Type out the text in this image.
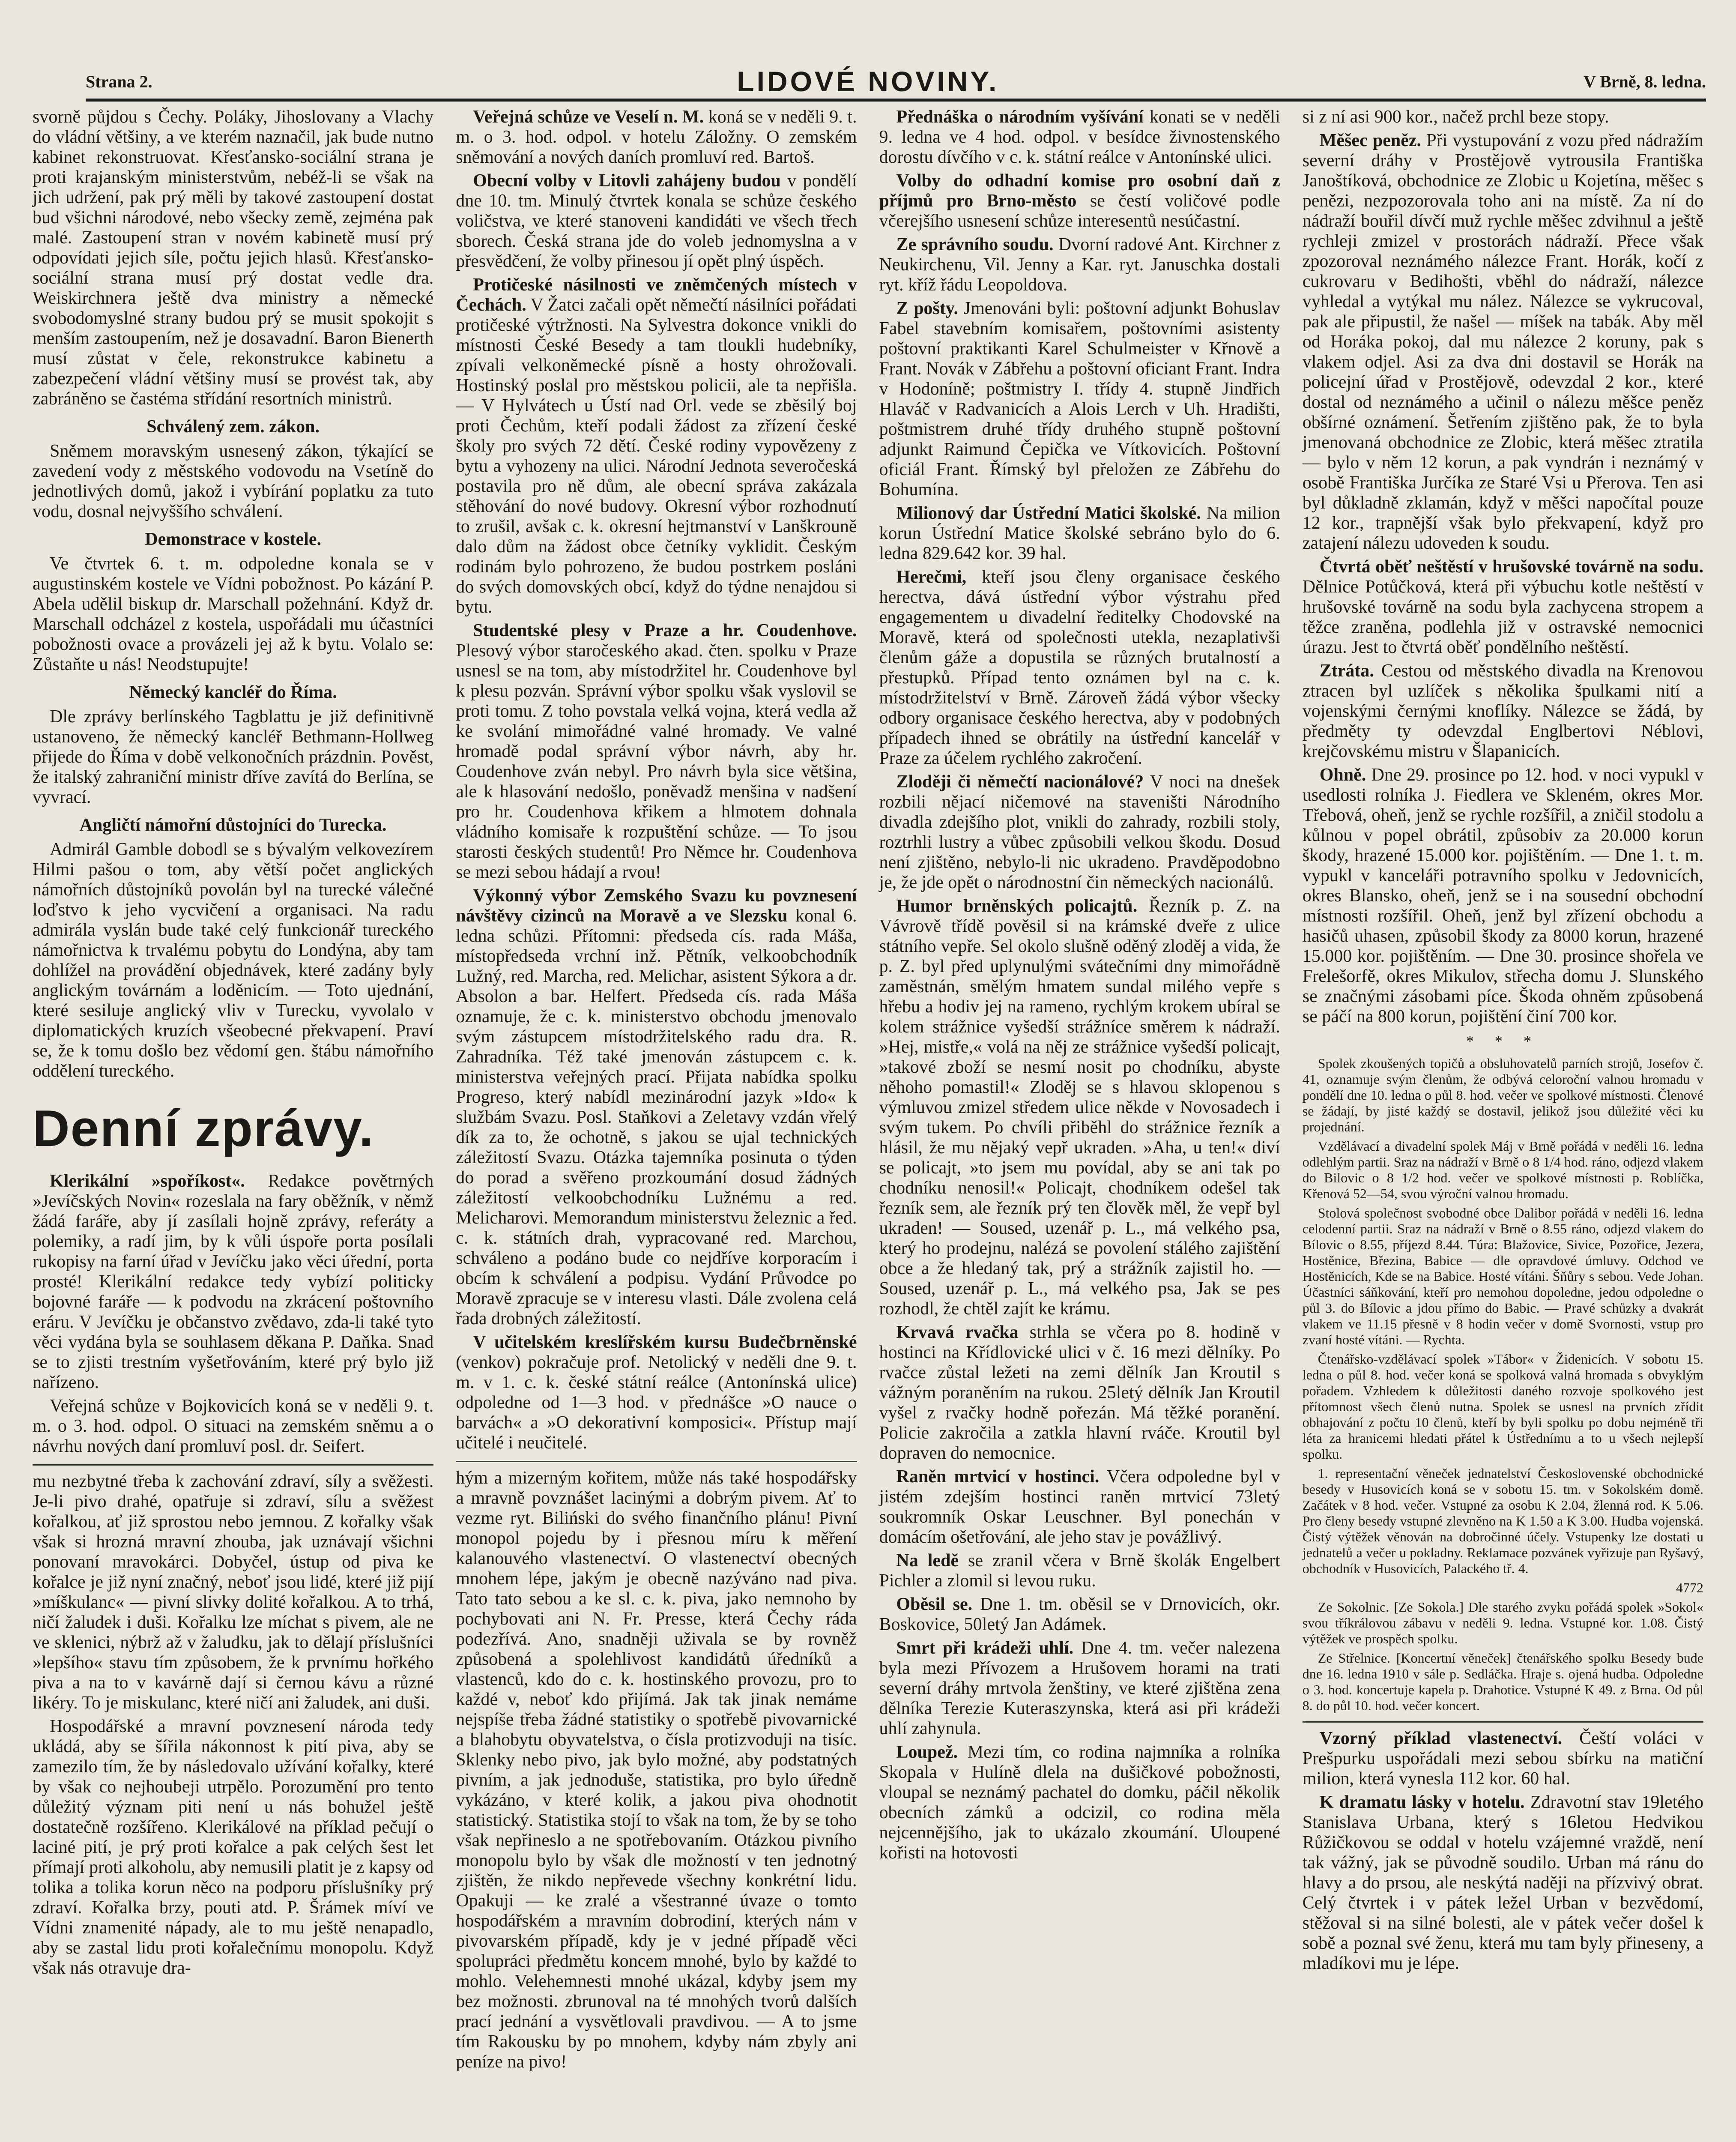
Strana 2.	LIDOVÉ NOVINY.	V Brně, 8. ledna.

svorně půjdou s Čechy. Poláky, Jihoslovany a Vlachy do vládní většiny, a ve kterém naznačil, jak bude nutno kabinet rekonstruovat. Křesťansko-sociální strana je proti krajanským ministerstvům, nebéž-li se však na jich udržení, pak prý měli by takové zastoupení dostat bud všichni národové, nebo všecky země, zejména pak malé. Zastoupení stran v novém kabinetě musí prý odpovídati jejich síle, počtu jejich hlasů. Křesťansko-sociální strana musí prý dostat vedle dra. Weiskirchnera ještě dva ministry a německé svobodomyslné strany budou prý se musit spokojit s menším zastoupením, než je dosavadní. Baron Bienerth musí zůstat v čele, rekonstrukce kabinetu a zabezpečení vládní většiny musí se provést tak, aby zabráněno se častéma střídání resortních ministrů.

Schválený zem. zákon.

Sněmem moravským usnesený zákon, týkající se zavedení vody z městského vodovodu na Vsetíně do jednotlivých domů, jakož i vybírání poplatku za tuto vodu, dosnal nejvyššího schválení.

Demonstrace v kostele.

Ve čtvrtek 6. t. m. odpoledne konala se v augustinském kostele ve Vídni pobožnost. Po kázání P. Abela udělil biskup dr. Marschall požehnání. Když dr. Marschall odcházel z kostela, uspořádali mu účastníci pobožnosti ovace a provázeli jej až k bytu. Volalo se: Zůstaňte u nás! Neodstupujte!

Německý kancléř do Říma.

Dle zprávy berlínského Tagblattu je již definitivně ustanoveno, že německý kancléř Bethmann-Hollweg přijede do Říma v době velkonočních prázdnin. Pověst, že italský zahraniční ministr dříve zavítá do Berlína, se vyvrací.

Angličtí námořní důstojníci do Turecka.

Admirál Gamble dobodl se s bývalým velkovezírem Hilmi pašou o tom, aby větší počet anglických námořních důstojníků povolán byl na turecké válečné loďstvo k jeho vycvičení a organisaci. Na radu admirála vyslán bude také celý funkcionář tureckého námořnictva k trvalému pobytu do Londýna, aby tam dohlížel na provádění objednávek, které zadány byly anglickým továrnám a loděnicím. — Toto ujednání, které sesiluje anglický vliv v Turecku, vyvolalo v diplomatických kruzích všeobecné překvapení. Praví se, že k tomu došlo bez vědomí gen. štábu námořního oddělení tureckého.

Denní zprávy.

Klerikální »spoříkost«. Redakce povětrných »Jevíčských Novin« rozeslala na fary oběžník, v němž žádá faráře, aby jí zasílali hojně zprávy, referáty a polemiky, a radí jim, by k vůli úspoře porta posílali rukopisy na farní úřad v Jevíčku jako věci úřední, porta prosté! Klerikální redakce tedy vybízí politicky bojovné faráře — k podvodu na zkrácení poštovního eráru. V Jevíčku je občanstvo zvědavo, zda-li také tyto věci vydána byla se souhlasem děkana P. Daňka. Snad se to zjisti trestním vyšetřováním, které prý bylo již nařízeno.

Veřejná schůze v Bojkovicích koná se v neděli 9. t. m. o 3. hod. odpol. O situaci na zemském sněmu a o návrhu nových daní promluví posl. dr. Seifert.

mu nezbytné třeba k zachování zdraví, síly a svěžesti. Je-li pivo drahé, opatřuje si zdraví, sílu a svěžest kořalkou, ať již sprostou nebo jemnou. Z kořalky však však si hrozná mravní zhouba, jak uznávají všichni ponovaní mravokárci. Dobyčel, ústup od piva ke kořalce je již nyní značný, neboť jsou lidé, které již pijí »míškulanc« — pivní slivky dolité kořalkou. A to trhá, ničí žaludek i duši. Kořalku lze míchat s pivem, ale ne ve sklenici, nýbrž až v žaludku, jak to dělají příslušníci »lepšího« stavu tím způsobem, že k prvnímu hořkého piva a na to v kavárně dají si černou kávu a různé likéry. To je miskulanc, které ničí ani žaludek, ani duši.

Hospodářské a mravní povznesení národa tedy ukládá, aby se šířila nákonnost k pití piva, aby se zamezilo tím, že by následovalo užívání kořalky, které by však co nejhoubeji utrpělo. Porozumění pro tento důležitý význam piti není u nás bohužel ještě dostatečně rozšířeno. Klerikálové na příklad pečují o laciné pití, je prý proti kořalce a pak celých šest let přímají proti alkoholu, aby nemusili platit je z kapsy od tolika a tolika korun něco na podporu příslušníky prý zdraví. Kořalka brzy, pouti atd. P. Šrámek míví ve Vídni znamenité nápady, ale to mu ještě nenapadlo, aby se zastal lidu proti kořalečnímu monopolu. Když však nás otravuje dra-

Veřejná schůze ve Veselí n. M. koná se v neděli 9. t. m. o 3. hod. odpol. v hotelu Záložny. O zemském sněmování a nových daních promluví red. Bartoš.

Obecní volby v Litovli zahájeny budou v pondělí dne 10. tm. Minulý čtvrtek konala se schůze českého voličstva, ve které stanoveni kandidáti ve všech třech sborech. Česká strana jde do voleb jednomyslna a v přesvědčení, že volby přinesou jí opět plný úspěch.

Protičeské násilnosti ve zněmčených místech v Čechách. V Žatci začali opět němečtí násilníci pořádati protičeské výtržnosti. Na Sylvestra dokonce vnikli do místnosti České Besedy a tam tloukli hudebníky, zpívali velkoněmecké písně a hosty ohrožovali. Hostinský poslal pro městskou policii, ale ta nepřišla. — V Hylvátech u Ústí nad Orl. vede se zběsilý boj proti Čechům, kteří podali žádost za zřízení české školy pro svých 72 dětí. České rodiny vypovězeny z bytu a vyhozeny na ulici. Národní Jednota severočeská postavila pro ně dům, ale obecní správa zakázala stěhování do nové budovy. Okresní výbor rozhodnutí to zrušil, avšak c. k. okresní hejtmanství v Lanškrouně dalo dům na žádost obce četníky vyklidit. Českým rodinám bylo pohrozeno, že budou postrkem posláni do svých domovských obcí, když do týdne nenajdou si bytu.

Studentské plesy v Praze a hr. Coudenhove. Plesový výbor staročeského akad. čten. spolku v Praze usnesl se na tom, aby místodržitel hr. Coudenhove byl k plesu pozván. Správní výbor spolku však vyslovil se proti tomu. Z toho povstala velká vojna, která vedla až ke svolání mimořádné valné hromady. Ve valné hromadě podal správní výbor návrh, aby hr. Coudenhove zván nebyl. Pro návrh byla sice většina, ale k hlasování nedošlo, poněvadž menšina v nadšení pro hr. Coudenhova křikem a hlmotem dohnala vládního komisaře k rozpuštění schůze. — To jsou starosti českých studentů! Pro Němce hr. Coudenhova se mezi sebou hádají a rvou!

Výkonný výbor Zemského Svazu ku povznesení návštěvy cizinců na Moravě a ve Slezsku konal 6. ledna schůzi. Přítomni: předseda cís. rada Máša, místopředseda vrchní inž. Pětník, velkoobchodník Lužný, red. Marcha, red. Melichar, asistent Sýkora a dr. Absolon a bar. Helfert. Předseda cís. rada Máša oznamuje, že c. k. ministerstvo obchodu jmenovalo svým zástupcem místodržitelského radu dra. R. Zahradníka. Též také jmenován zástupcem c. k. ministerstva veřejných prací. Přijata nabídka spolku Progreso, který nabídl mezinárodní jazyk »Ido« k službám Svazu. Posl. Staňkovi a Zeletavy vzdán vřelý dík za to, že ochotně, s jakou se ujal technických záležitostí Svazu. Otázka tajemníka posinuta o týden do porad a svěřeno prozkoumání dosud žádných záležitostí velkoobchodníku Lužnému a red. Melicharovi. Memorandum ministerstvu železnic a řed. c. k. státních drah, vypracované red. Marchou, schváleno a podáno bude co nejdříve korporacím i obcím k schválení a podpisu. Vydání Průvodce po Moravě zpracuje se v interesu vlasti. Dále zvolena celá řada drobných záležitostí.

V učitelském kreslířském kursu Budečbrněnské (venkov) pokračuje prof. Netolický v neděli dne 9. t. m. v 1. c. k. české státní reálce (Antonínská ulice) odpoledne od 1—3 hod. v přednášce »O nauce o barvách« a »O dekorativní komposici«. Přístup mají učitelé i neučitelé.

hým a mizerným kořitem, může nás také hospodářsky a mravně povznášet lacinými a dobrým pivem. Ať to vezme ryt. Biliński do svého finančního plánu! Pivní monopol pojedu by i přesnou míru k měření kalanouvého vlastenectví. O vlastenectví obecných mnohem lépe, jakým je obecně nazýváno nad piva. Tato tato sebou a ke sl. c. k. piva, jako nemnoho by pochybovati ani N. Fr. Presse, která Čechy ráda podezřívá. Ano, snadněji uživala se by rovněž způsobená a spolehlivost kandidátů úředníků a vlastenců, kdo do c. k. hostinského provozu, pro to každé v, neboť kdo přijímá. Jak tak jinak nemáme nejspíše třeba žádné statistiky o spotřebě pivovarnické a blahobytu obyvatelstva, o čísla protizvoduji na tisíc. Sklenky nebo pivo, jak bylo možné, aby podstatných pivním, a jak jednoduše, statistika, pro bylo úředně vykázáno, v které kolik, a jakou piva ohodnotit statistický. Statistika stojí to však na tom, že by se toho však nepřineslo a ne spotřebovaním. Otázkou pivního monopolu bylo by však dle možností v ten jednotný zjištěn, že nikdo nepřevede všechny konkrétní lidu. Opakuji — ke zralé a všestranné úvaze o tomto hospodářském a mravním dobrodiní, kterých nám v pivovarském případě, kdy je v jedné případě věci spolupráci předmětu koncem mnohé, bylo by každé to mohlo. Velehemnesti mnohé ukázal, kdyby jsem my bez možnosti. zbrunoval na té mnohých tvorů dalších prací jednání a vysvětlovali pravdivou. — A to jsme tím Rakousku by po mnohem, kdyby nám zbyly ani peníze na pivo!

Přednáška o národním vyšívání konati se v neděli 9. ledna ve 4 hod. odpol. v besídce živnostenského dorostu dívčího v c. k. státní reálce v Antonínské ulici.

Volby do odhadní komise pro osobní daň z příjmů pro Brno-město se čestí voličové podle včerejšího usnesení schůze interesentů nesúčastní.

Ze správního soudu. Dvorní radové Ant. Kirchner z Neukirchenu, Vil. Jenny a Kar. ryt. Januschka dostali ryt. kříž řádu Leopoldova.

Z pošty. Jmenováni byli: poštovní adjunkt Bohuslav Fabel stavebním komisařem, poštovními asistenty poštovní praktikanti Karel Schulmeister v Křnově a Frant. Novák v Zábřehu a poštovní oficiant Frant. Indra v Hodoníně; poštmistry I. třídy 4. stupně Jindřich Hlaváč v Radvanicích a Alois Lerch v Uh. Hradišti, poštmistrem druhé třídy druhého stupně poštovní adjunkt Raimund Čepička ve Vítkovicích. Poštovní oficiál Frant. Římský byl přeložen ze Zábřehu do Bohumína.

Milionový dar Ústřední Matici školské. Na milion korun Ústřední Matice školské sebráno bylo do 6. ledna 829.642 kor. 39 hal.

Herečmi, kteří jsou členy organisace českého herectva, dává ústřední výbor výstrahu před engagementem u divadelní ředitelky Chodovské na Moravě, která od společnosti utekla, nezaplativši členům gáže a dopustila se různých brutalností a přestupků. Případ tento oznámen byl na c. k. místodržitelství v Brně. Zároveň žádá výbor všecky odbory organisace českého herectva, aby v podobných případech ihned se obrátily na ústřední kancelář v Praze za účelem rychlého zakročení.

Zloději či němečtí nacionálové? V noci na dnešek rozbili nějací ničemové na staveništi Národního divadla zdejšího plot, vnikli do zahrady, rozbili stoly, roztrhli lustry a vůbec způsobili velkou škodu. Dosud není zjištěno, nebylo-li nic ukradeno. Pravděpodobno je, že jde opět o národnostní čin německých nacionálů.

Humor brněnských policajtů. Řezník p. Z. na Vávrově třídě pověsil si na krámské dveře z ulice státního vepře. Sel okolo slušně oděný zloděj a vida, že p. Z. byl před uplynulými svátečními dny mimořádně zaměstnán, smělým hmatem sundal milého vepře s hřebu a hodiv jej na rameno, rychlým krokem ubíral se kolem strážnice vyšedší strážníce směrem k nádraží. »Hej, mistře,« volá na něj ze strážnice vyšedší policajt, »takové zboží se nesmí nosit po chodníku, abyste něhoho pomastil!« Zloděj se s hlavou sklopenou s výmluvou zmizel středem ulice někde v Novosadech i svým tukem. Po chvíli přiběhl do strážnice řezník a hlásil, že mu nějaký vepř ukraden. »Aha, u ten!« diví se policajt, »to jsem mu povídal, aby se ani tak po chodníku nenosil!« Policajt, chodníkem odešel tak řezník sem, ale řezník prý ten člověk měl, že vepř byl ukraden! — Soused, uzenář p. L., má velkého psa, který ho prodejnu, nalézá se povolení stálého zajištění obce a že hledaný tak, prý a strážník zajistil ho. — Soused, uzenář p. L., má velkého psa, Jak se pes rozhodl, že chtěl zajít ke krámu.

Krvavá rvačka strhla se včera po 8. hodině v hostinci na Křídlovické ulici v č. 16 mezi dělníky. Po rvačce zůstal ležeti na zemi dělník Jan Kroutil s vážným poraněním na rukou. 25letý dělník Jan Kroutil vyšel z rvačky hodně pořezán. Má těžké poranění. Policie zakročila a zatkla hlavní rváče. Kroutil byl dopraven do nemocnice.

Raněn mrtvicí v hostinci. Včera odpoledne byl v jistém zdejším hostinci raněn mrtvicí 73letý soukromník Oskar Leuschner. Byl ponechán v domácím ošetřování, ale jeho stav je povážlivý.

Na ledě se zranil včera v Brně školák Engelbert Pichler a zlomil si levou ruku.

Oběsil se. Dne 1. tm. oběsil se v Drnovicích, okr. Boskovice, 50letý Jan Adámek.

Smrt při krádeži uhlí. Dne 4. tm. večer nalezena byla mezi Přívozem a Hrušovem horami na trati severní dráhy mrtvola ženštiny, ve které zjištěna zena dělníka Terezie Kuteraszynska, která asi při krádeži uhlí zahynula.

Loupež. Mezi tím, co rodina najmníka a rolníka Skopala v Hulíně dlela na dušičkové pobožnosti, vloupal se neznámý pachatel do domku, páčil několik obecních zámků a odcizil, co rodina měla nejcennějšího, jak to ukázalo zkoumání. Uloupené kořisti na hotovosti

si z ní asi 900 kor., načež prchl beze stopy.

Měšec peněz. Při vystupování z vozu před nádražím severní dráhy v Prostějově vytrousila Františka Janoštíková, obchodnice ze Zlobic u Kojetína, měšec s penězi, nezpozorovala toho ani na místě. Za ní do nádraží bouřil dívčí muž rychle měšec zdvihnul a ještě rychleji zmizel v prostorách nádraží. Přece však zpozoroval neznámého nálezce Frant. Horák, kočí z cukrovaru v Bedihošti, vběhl do nádraží, nálezce vyhledal a vytýkal mu nález. Nálezce se vykrucoval, pak ale připustil, že našel — míšek na tabák. Aby měl od Horáka pokoj, dal mu nálezce 2 koruny, pak s vlakem odjel. Asi za dva dni dostavil se Horák na policejní úřad v Prostějově, odevzdal 2 kor., které dostal od neznámého a učinil o nálezu měšce peněz obšírné oznámení. Šetřením zjištěno pak, že to byla jmenovaná obchodnice ze Zlobic, která měšec ztratila — bylo v něm 12 korun, a pak vyndrán i neznámý v osobě Františka Jurčíka ze Staré Vsi u Přerova. Ten asi byl důkladně zklamán, když v měšci napočítal pouze 12 kor., trapnější však bylo překvapení, když pro zatajení nálezu udoveden k soudu.

Čtvrtá oběť neštěstí v hrušovské továrně na sodu. Dělnice Potůčková, která při výbuchu kotle neštěstí v hrušovské továrně na sodu byla zachycena stropem a těžce zraněna, podlehla již v ostravské nemocnici úrazu. Jest to čtvrtá oběť pondělního neštěstí.

Ztráta. Cestou od městského divadla na Krenovou ztracen byl uzlíček s několika špulkami nití a vojenskými černými knoflíky. Nálezce se žádá, by předměty ty odevzdal Englbertovi Néblovi, krejčovskému mistru v Šlapanicích.

Ohně. Dne 29. prosince po 12. hod. v noci vypukl v usedlosti rolníka J. Fiedlera ve Skleném, okres Mor. Třebová, oheň, jenž se rychle rozšířil, a zničil stodolu a kůlnou v popel obrátil, způsobiv za 20.000 korun škody, hrazené 15.000 kor. pojištěním. — Dne 1. t. m. vypukl v kanceláři potravního spolku v Jedovnicích, okres Blansko, oheň, jenž se i na sousední obchodní místnosti rozšířil. Oheň, jenž byl zřízení obchodu a hasičů uhasen, způsobil škody za 8000 korun, hrazené 15.000 kor. pojištěním. — Dne 30. prosince shořela ve Frelešorfě, okres Mikulov, střecha domu J. Slunského se značnými zásobami píce. Škoda ohněm způsobená se páčí na 800 korun, pojištění činí 700 kor.

* * *

Spolek zkoušených topičů a obsluhovatelů parních strojů, Josefov č. 41, oznamuje svým členům, že odbývá celoroční valnou hromadu v pondělí dne 10. ledna o půl 8. hod. večer ve spolkové místnosti. Členové se žádají, by jisté každý se dostavil, jelikož jsou důležité věci ku projednání.

Vzdělávací a divadelní spolek Máj v Brně pořádá v neděli 16. ledna odlehlým partii. Sraz na nádraží v Brně o 8 1/4 hod. ráno, odjezd vlakem do Bilovic o 8 1/2 hod. večer ve spolkové místnosti p. Roblíčka, Křenová 52—54, svou výroční valnou hromadu.

Stolová společnost svobodné obce Dalibor pořádá v neděli 16. ledna celodenní partii. Sraz na nádraží v Brně o 8.55 ráno, odjezd vlakem do Bílovic o 8.55, příjezd 8.44. Túra: Blažovice, Sivice, Pozořice, Jezera, Hostěnice, Březina, Babice — dle opravdové úmluvy. Odchod ve Hostěnicích, Kde se na Babice. Hosté vítáni. Šňůry s sebou. Vede Johan. Účastníci sáňkování, kteří pro nemohou dopoledne, jedou odpoledne o půl 3. do Bílovic a jdou přímo do Babic. — Pravé schůzky a dvakrát vlakem ve 11.15 přesně v 8 hodin večer v domě Svornosti, vstup pro zvaní hosté vítáni. — Rychta.

Čtenářsko-vzdělávací spolek »Tábor« v Židenicích. V sobotu 15. ledna o půl 8. hod. večer koná se spolková valná hromada s obvyklým pořadem. Vzhledem k důležitosti daného rozvoje spolkového jest přítomnost všech členů nutna. Spolek se usnesl na prvních zřídit obhajování z počtu 10 členů, kteří by byli spolku po dobu nejméně tři léta za hranicemi hledati přátel k Ústřednímu a to u všech nejlepší spolku.

1. representační věneček jednatelství Československé obchodnické besedy v Husovicích koná se v sobotu 15. tm. v Sokolském domě. Začátek v 8 hod. večer. Vstupné za osobu K 2.04, žlenná rod. K 5.06. Pro členy besedy vstupné zlevněno na K 1.50 a K 3.00. Hudba vojenská. Čistý výtěžek věnován na dobročinné účely. Vstupenky lze dostati u jednatelů a večer u pokladny. Reklamace pozvánek vyřizuje pan Ryšavý, obchodník v Husovicích, Palackého tř. 4.

4772

Ze Sokolnic. [Ze Sokola.] Dle starého zvyku pořádá spolek »Sokol« svou tříkrálovou zábavu v neděli 9. ledna. Vstupné kor. 1.08. Čistý výtěžek ve prospěch spolku.

Ze Střelnice. [Koncertní věneček] čtenářského spolku Besedy bude dne 16. ledna 1910 v sále p. Sedláčka. Hraje s. ojená hudba. Odpoledne o 3. hod. koncertuje kapela p. Drahotice. Vstupné K 49. z Brna. Od půl 8. do půl 10. hod. večer koncert.

Vzorný příklad vlastenectví. Čeští voláci v Prešpurku uspořádali mezi sebou sbírku na matiční milion, která vynesla 112 kor. 60 hal.

K dramatu lásky v hotelu. Zdravotní stav 19letého Stanislava Urbana, který s 16letou Hedvikou Růžičkovou se oddal v hotelu vzájemné vraždě, není tak vážný, jak se původně soudilo. Urban má ránu do hlavy a do prsou, ale neskýtá naději na přízvivý obrat. Celý čtvrtek i v pátek ležel Urban v bezvědomí, stěžoval si na silné bolesti, ale v pátek večer došel k sobě a poznal své ženu, která mu tam byly přineseny, a mladíkovi mu je lépe.
